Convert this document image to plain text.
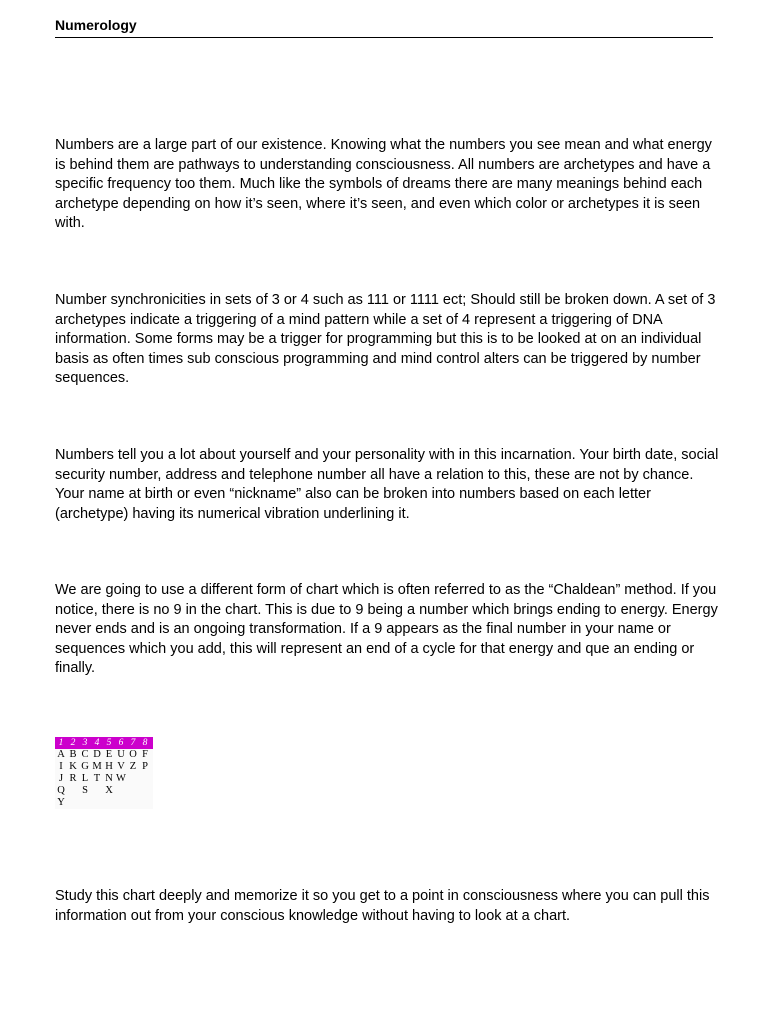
Numerology

Numbers are a large part of our existence. Knowing what the numbers you see mean and what energy is behind them are pathways to understanding consciousness. All numbers are archetypes and have a specific frequency too them. Much like the symbols of dreams there are many meanings behind each archetype depending on how it’s seen, where it’s seen, and even which color or archetypes it is seen with.

Number synchronicities in sets of 3 or 4 such as 111 or 1111 ect; Should still be broken down. A set of 3 archetypes indicate a triggering of a mind pattern while a set of 4 represent a triggering of DNA information. Some forms may be a trigger for programming but this is to be looked at on an individual basis as often times sub conscious programming and mind control alters can be triggered by number sequences.

Numbers tell you a lot about yourself and your personality with in this incarnation. Your birth date, social security number, address and telephone number all have a relation to this, these are not by chance. Your name at birth or even “nickname” also can be broken into numbers based on each letter (archetype) having its numerical vibration underlining it.

We are going to use a different form of chart which is often referred to as the “Chaldean” method. If you notice, there is no 9 in the chart. This is due to 9 being a number which brings ending to energy. Energy never ends and is an ongoing transformation. If a 9 appears as the final number in your name or sequences which you add, this will represent an end of a cycle for that energy and que an ending or finally.

1 2 3 4 5 6 7 8
A B C D E U O F
I K G M H V Z P
J R L T N W
Q S X
Y

Study this chart deeply and memorize it so you get to a point in consciousness where you can pull this information out from your conscious knowledge without having to look at a chart.
